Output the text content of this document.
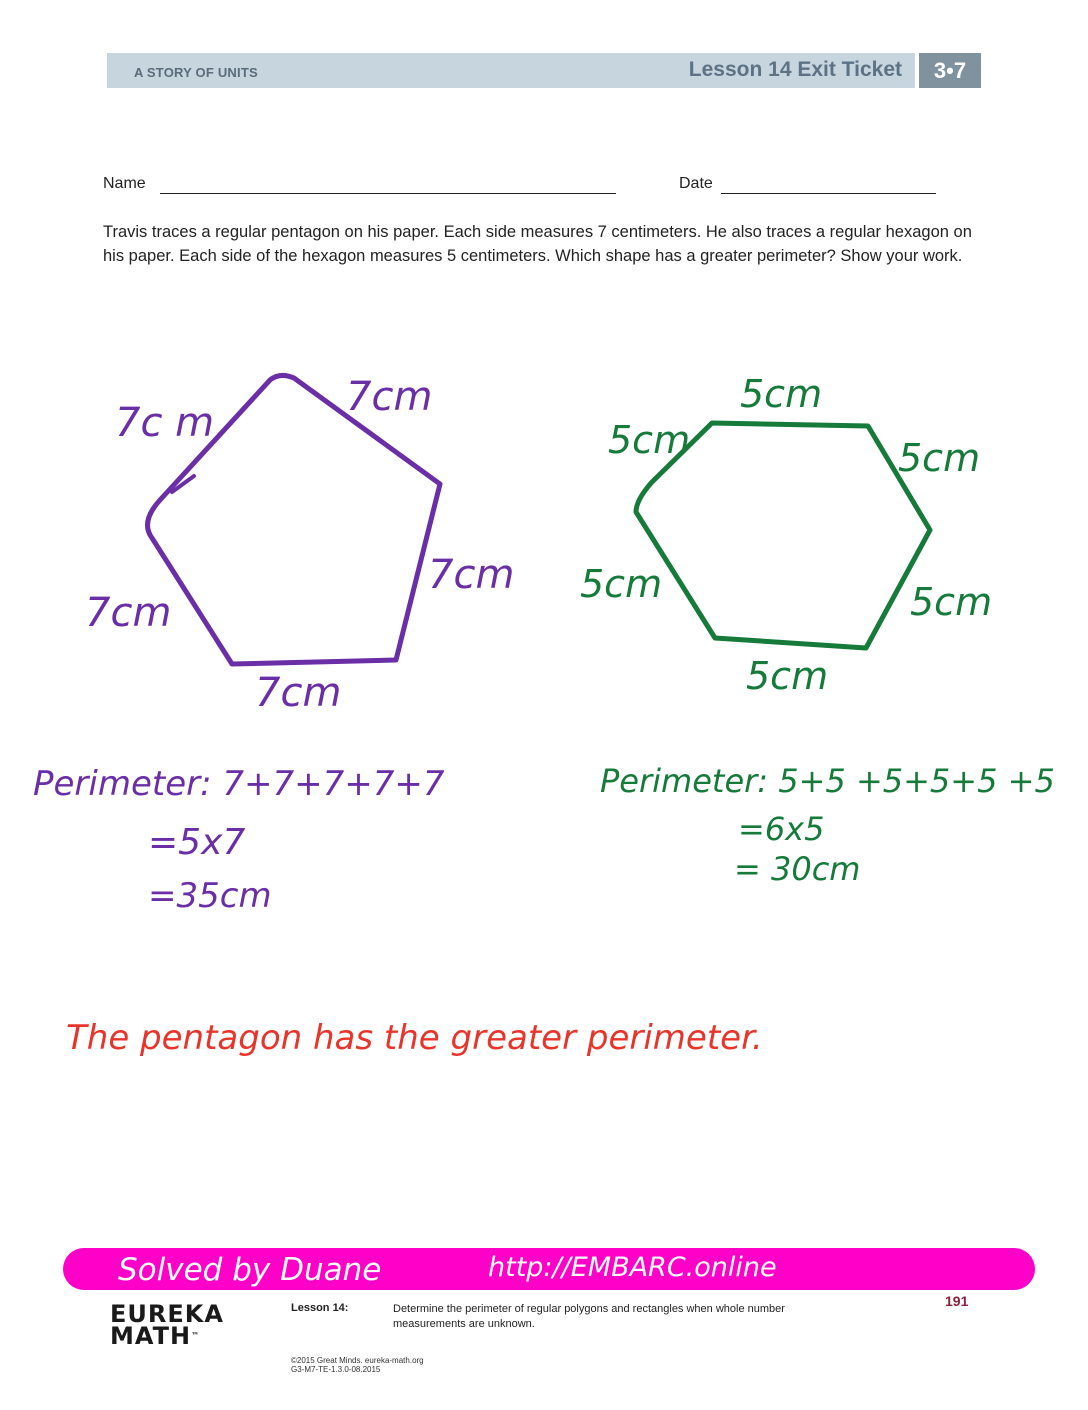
A STORY OF UNITS	Lesson 14 Exit Ticket	3•7
Name	Date
Travis traces a regular pentagon on his paper. Each side measures 7 centimeters. He also traces a regular hexagon on his paper. Each side of the hexagon measures 5 centimeters. Which shape has a greater perimeter? Show your work.
7c m
7cm
7cm
7cm
7cm
5cm
5cm	5cm
5cm	5cm
5cm
Perimeter: 7+7+7+7+7
=5x7
=35cm
Perimeter: 5+5 +5+5+5 +5
=6x5
= 30cm
The pentagon has the greater perimeter.
Solved by Duane	http://EMBARC.online
EUREKA
MATH™
Lesson 14:	Determine the perimeter of regular polygons and rectangles when whole number measurements are unknown.
191
©2015 Great Minds. eureka-math.org
G3-M7-TE-1.3.0-08.2015
